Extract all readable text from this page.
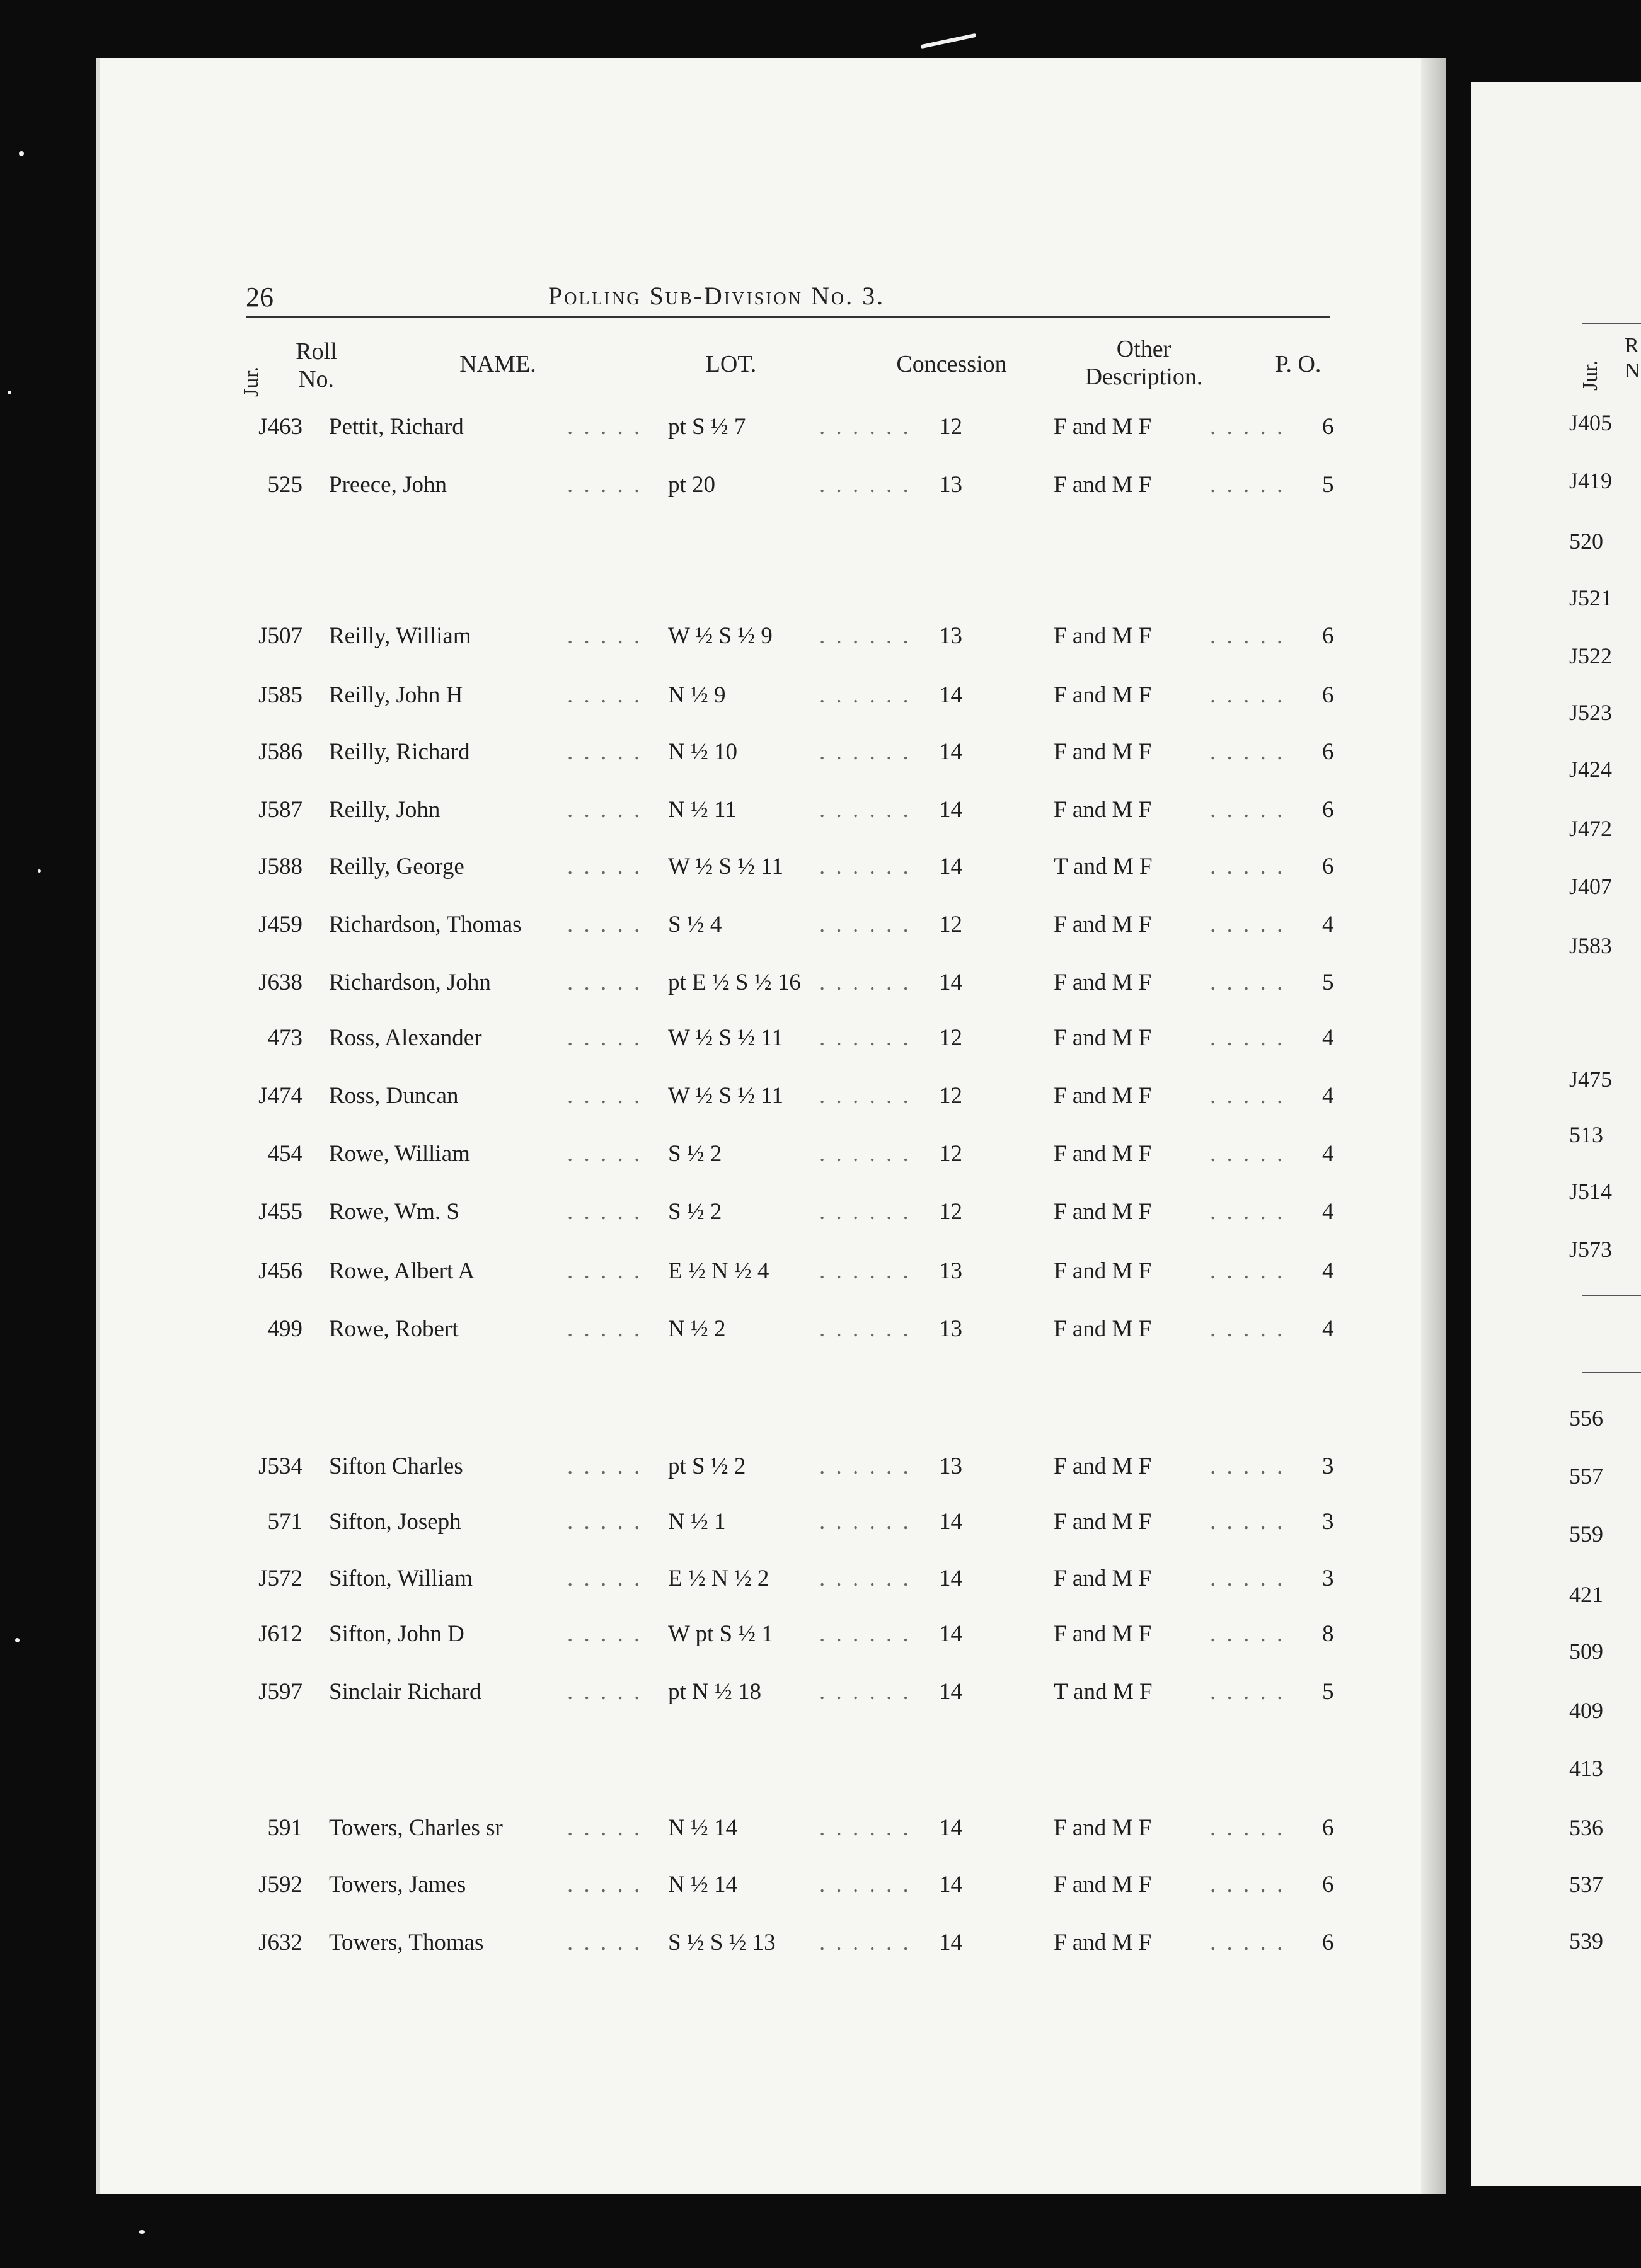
26	Polling Sub-Division No. 3.
Jur.
Roll No.
NAME.	LOT.	Concession
Other
Description.	P. O.
J463 Pettit, Richard	pt S ½ 7	12	F and M F	6
. . . . .	. . . . . .	. . . . .
525 Preece, John	pt 20	13	F and M F	5
. . . . .	. . . . . .	. . . . .
J507 Reilly, William	W ½ S ½ 9	13	F and M F	6
. . . . .	. . . . . .	. . . . .
J585 Reilly, John H	N ½ 9	14	F and M F	6
. . . . .	. . . . . .	. . . . .
J586 Reilly, Richard	N ½ 10	14	F and M F	6
. . . . .	. . . . . .	. . . . .
J587 Reilly, John	N ½ 11	14	F and M F	6
. . . . .	. . . . . .	. . . . .
J588 Reilly, George	W ½ S ½ 11	14	T and M F	6
. . . . .	. . . . . .	. . . . .
J459 Richardson, Thomas	S ½ 4	12	F and M F	4
. . . . .	. . . . . .	. . . . .
J638 Richardson, John	pt E ½ S ½ 16	14	F and M F	5
. . . . .	. . . . . .	. . . . .
473 Ross, Alexander	W ½ S ½ 11	12	F and M F	4
. . . . .	. . . . . .	. . . . .
J474 Ross, Duncan	W ½ S ½ 11	12	F and M F	4
. . . . .	. . . . . .	. . . . .
454 Rowe, William	S ½ 2	12	F and M F	4
. . . . .	. . . . . .	. . . . .
J455 Rowe, Wm. S	S ½ 2	12	F and M F	4
. . . . .	. . . . . .	. . . . .
J456 Rowe, Albert A	E ½ N ½ 4	13	F and M F	4
. . . . .	. . . . . .	. . . . .
499 Rowe, Robert	N ½ 2	13	F and M F	4
. . . . .	. . . . . .	. . . . .
J534 Sifton Charles	pt S ½ 2	13	F and M F	3
. . . . .	. . . . . .	. . . . .
571 Sifton, Joseph	N ½ 1	14	F and M F	3
. . . . .	. . . . . .	. . . . .
J572 Sifton, William	E ½ N ½ 2	14	F and M F	3
. . . . .	. . . . . .	. . . . .
J612 Sifton, John D	W pt S ½ 1	14	F and M F	8
. . . . .	. . . . . .	. . . . .
J597 Sinclair Richard	pt N ½ 18	14	T and M F	5
. . . . .	. . . . . .	. . . . .
591 Towers, Charles sr	N ½ 14	14	F and M F	6
. . . . .	. . . . . .	. . . . .
J592 Towers, James	N ½ 14	14	F and M F	6
. . . . .	. . . . . .	. . . . .
J632 Towers, Thomas	S ½ S ½ 13	14	F and M F	6
. . . . .	. . . . . .	. . . . .
Jur.
R
N
J405
J419
520
J521
J522
J523
J424
J472
J407
J583
J475
513
J514
J573
556
557
559
421
509
409
413
536
537
539
